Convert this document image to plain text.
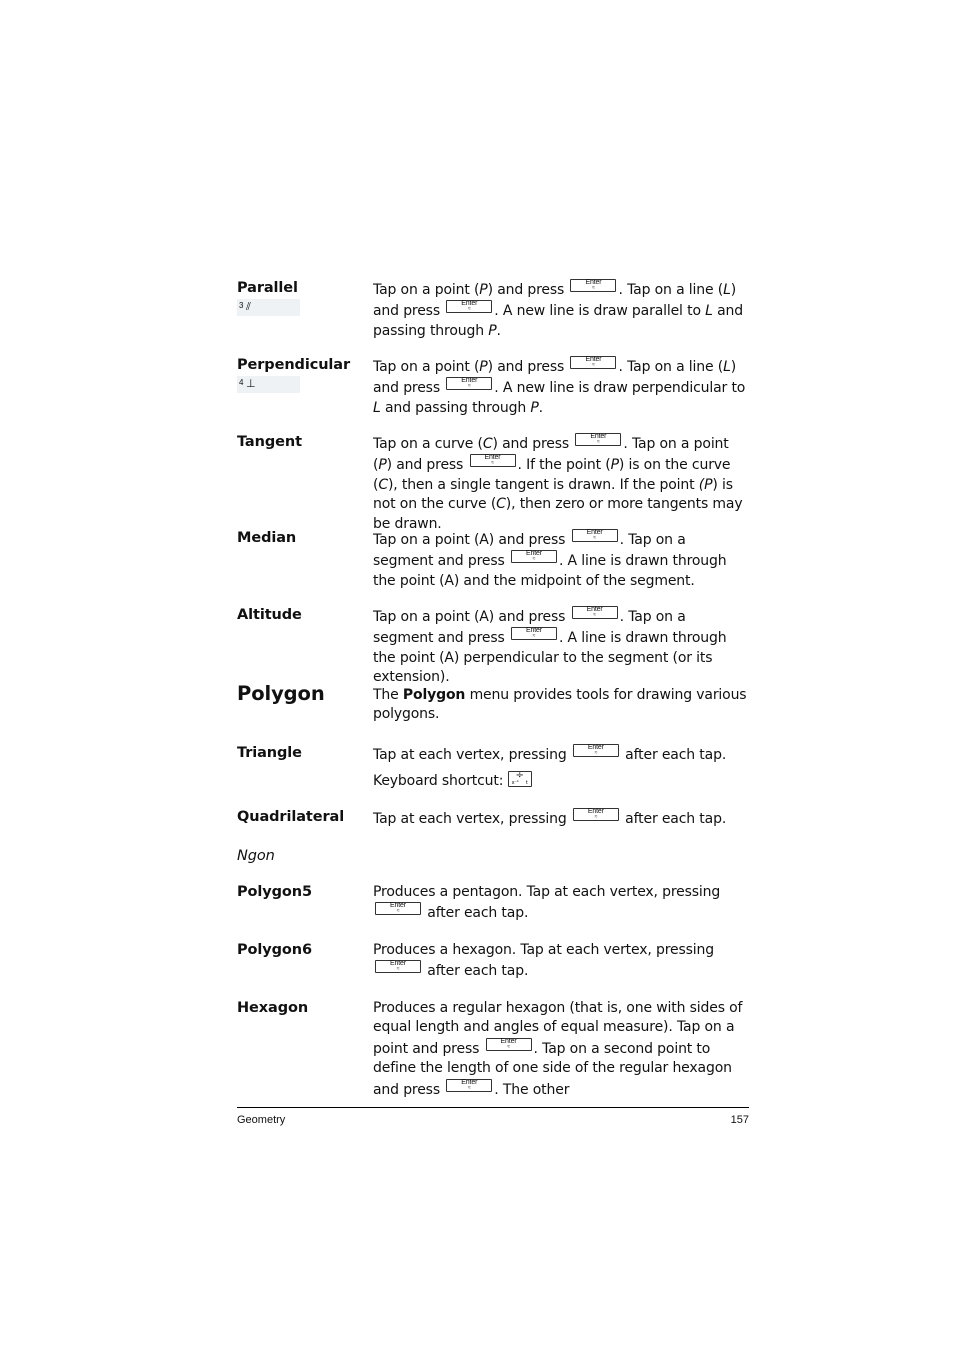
Parallel
3 ⫽
Tap on a point (P) and press	Enter
≈	. Tap on a line (L) and press	Enter
≈	. A new line is draw parallel to L and passing through P.
Perpendicular
4 ⊥
Tap on a point (P) and press	Enter
≈	. Tap on a line (L) and press	Enter
≈	. A new line is draw perpendicular to L and passing through P.
Tangent	Tap on a curve (C) and press	Enter
≈	. Tap on a point (P) and press	Enter
≈	. If the point (P) is on the curve (C), then a single tangent is drawn. If the point (P) is not on the curve (C), then zero or more tangents may be drawn.
Median	Tap on a point (A) and press	Enter
≈	. Tap on a segment and press	Enter
≈	. A line is drawn through the point (A) and the midpoint of the segment.
Altitude	Tap on a point (A) and press	Enter
≈	. Tap on a segment and press	Enter
≈	. A line is drawn through the point (A) perpendicular to the segment (or its extension).
Polygon	The Polygon menu provides tools for drawing various polygons.
Triangle	Tap at each vertex, pressing	Enter
≈	after each tap.
Keyboard shortcut: ÷
x⁻¹ t
Quadrilateral Tap at each vertex, pressing	Enter
≈	after each tap.
Ngon
Polygon5	Produces a pentagon. Tap at each vertex, pressing
Enter
≈	after each tap.
Polygon6	Produces a hexagon. Tap at each vertex, pressing
Enter
≈	after each tap.
Hexagon	Produces a regular hexagon (that is, one with sides of equal length and angles of equal measure). Tap on a point and press	Enter
≈	. Tap on a second point to define the length of one side of the regular hexagon and press	Enter
≈	. The other
Geometry	157
